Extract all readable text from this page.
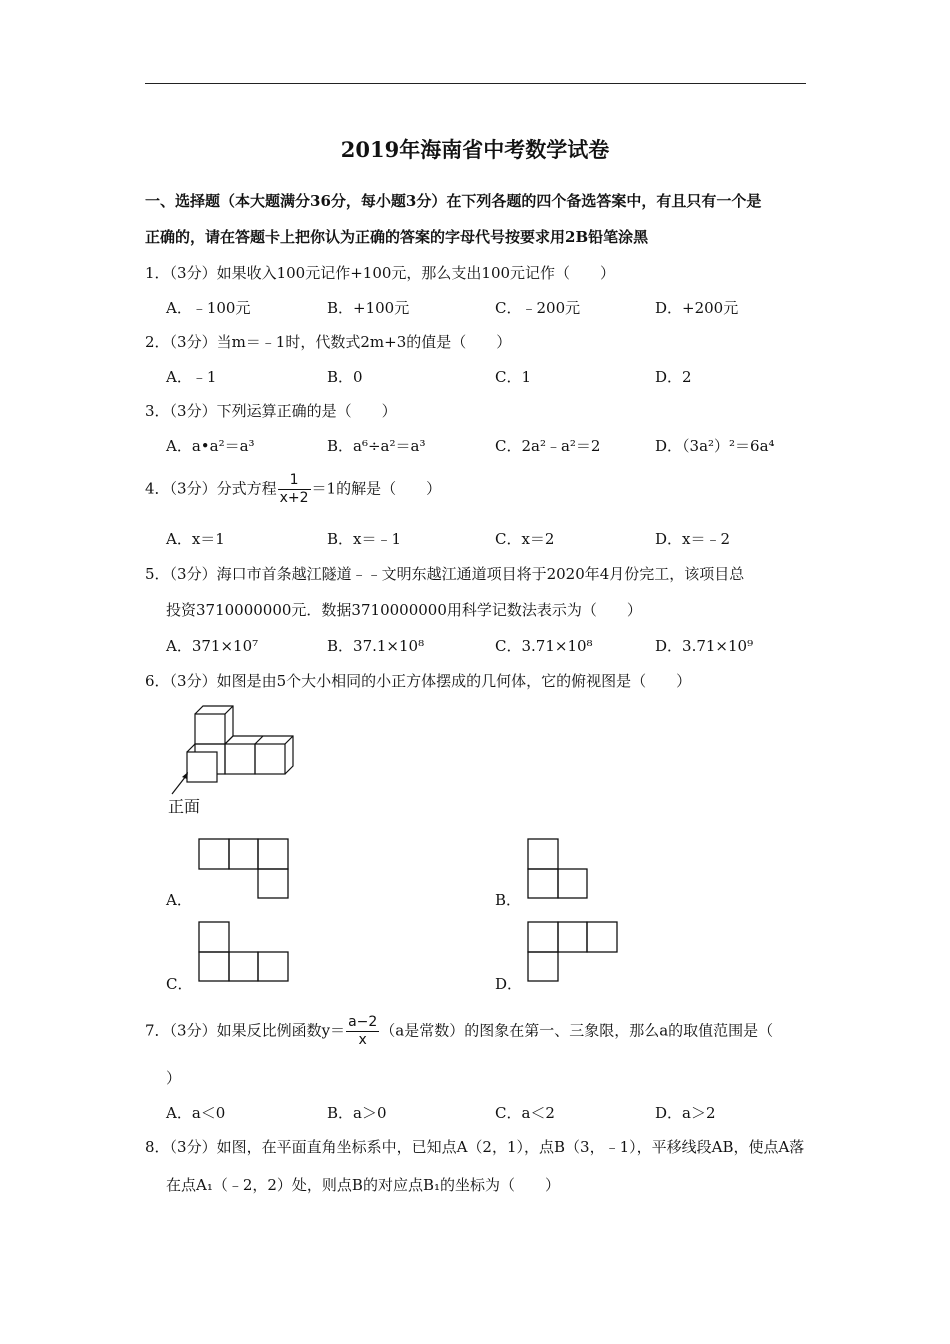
2019年海南省中考数学试卷
一、选择题（本大题满分36分，每小题3分）在下列各题的四个备选答案中，有且只有一个是
正确的，请在答题卡上把你认为正确的答案的字母代号按要求用2B铅笔涂黑
1．（3分）如果收入100元记作+100元，那么支出100元记作（　　）
A．﹣100元	B．+100元	C．﹣200元	D．+200元
2．（3分）当m＝﹣1时，代数式2m+3的值是（　　）
A．﹣1	B．0	C．1	D．2
3．（3分）下列运算正确的是（　　）
A．a•a²＝a³	B．a⁶÷a²＝a³	C．2a²﹣a²＝2	D．（3a²）²＝6a⁴
4．（3分）分式方程 $\frac{1}{x+2} =1$的解是（　　）
A．x＝1	B．x＝﹣1	C．x＝2	D．x＝﹣2
5．（3分）海口市首条越江隧道﹣﹣文明东越江通道项目将于2020年4月份完工，该项目总
投资3710000000元．数据3710000000用科学记数法表示为（　　）
A．371×10⁷	B．37.1×10⁸	C．3.71×10⁸	D．3.71×10⁹
6．（3分）如图是由5个大小相同的小正方体摆成的几何体，它的俯视图是（　　）
正面
A．	B．
C．	D．
7．（3分）如果反比例函数$y= \frac{a-2}{x} (a$是常数）的图象在第一、三象限，那么a的取值范围是（
）
A．a＜0	B．a＞0	C．a＜2	D．a＞2
8．（3分）如图，在平面直角坐标系中，已知点A（2，1），点B（3，﹣1），平移线段AB，使点A落
在点A₁（﹣2，2）处，则点B的对应点B₁的坐标为（　　）
